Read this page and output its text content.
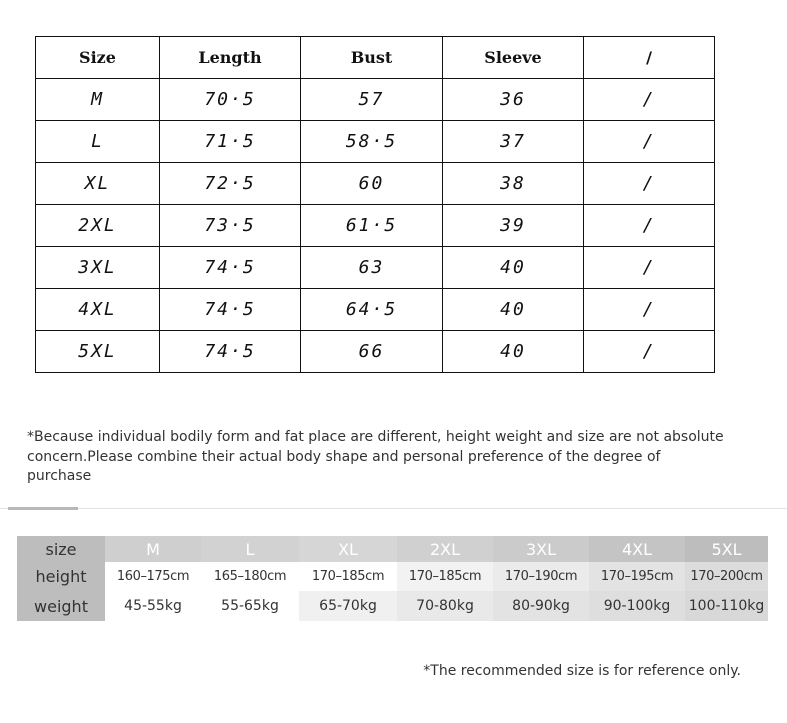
Size	Length	Bust	Sleeve	/
M	70·5	57	36	/
L	71·5	58·5	37	/
XL	72·5	60	38	/
2XL	73·5	61·5	39	/
3XL	74·5	63	40	/
4XL	74·5	64·5	40	/
5XL	74·5	66	40	/
*Because individual bodily form and fat place are different, height weight and size are not absolute concern.Please combine their actual body shape and personal preference of the degree of purchase
size	M	L	XL	2XL	3XL	4XL	5XL
height	160–175cm	165–180cm	170–185cm	170–185cm	170–190cm	170–195cm	170–200cm
weight	45-55kg	55-65kg	65-70kg	70-80kg	80-90kg	90-100kg	100-110kg
*The recommended size is for reference only.
